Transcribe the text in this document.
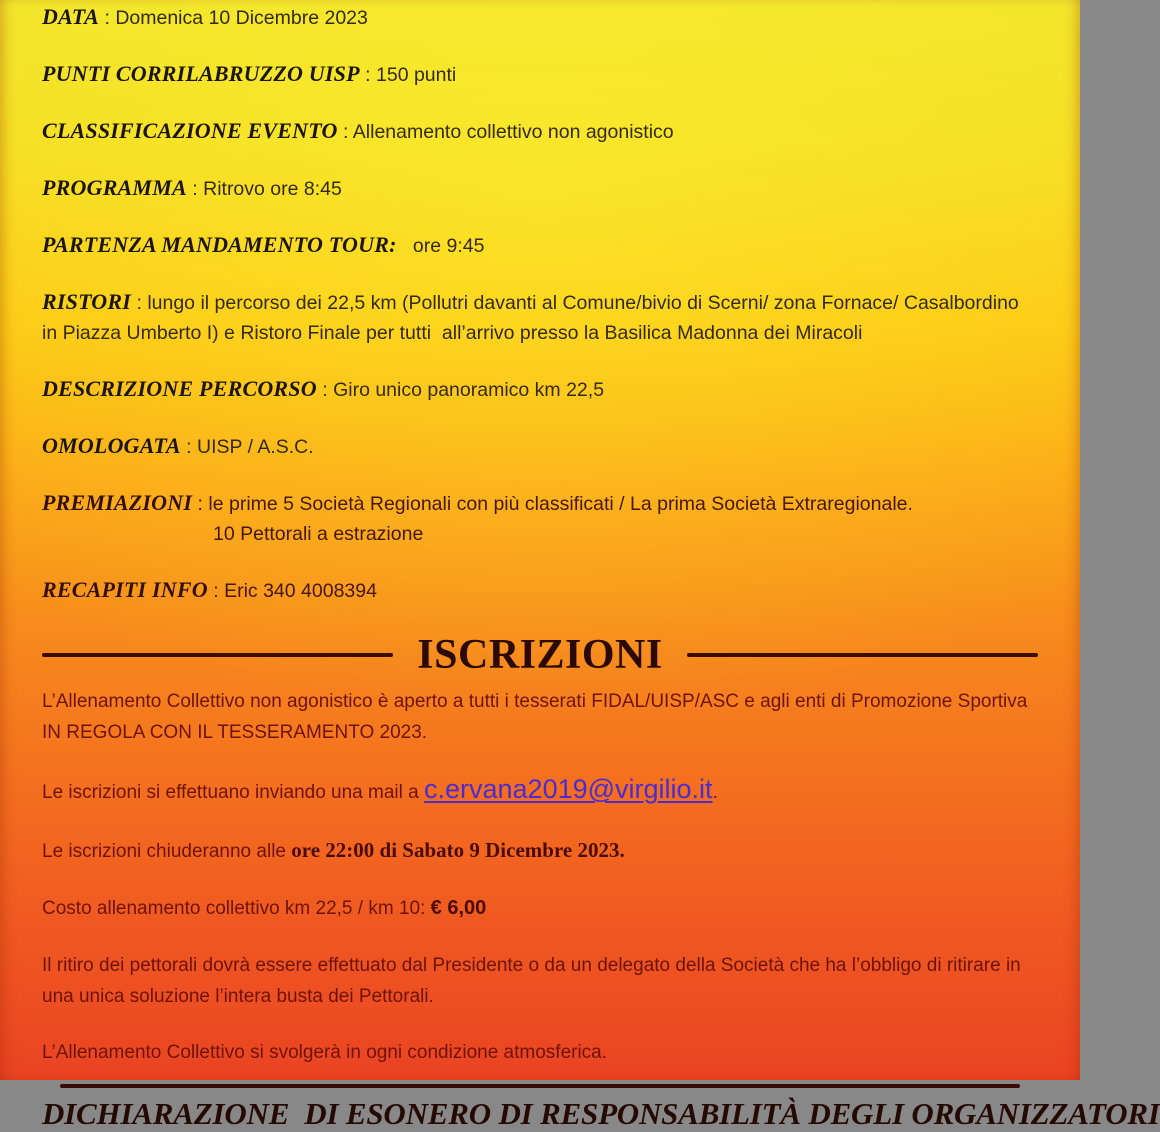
DATA : Domenica 10 Dicembre 2023
PUNTI CORRILABRUZZO UISP : 150 punti
CLASSIFICAZIONE EVENTO : Allenamento collettivo non agonistico
PROGRAMMA : Ritrovo ore 8:45
PARTENZA MANDAMENTO TOUR: ore 9:45
RISTORI : lungo il percorso dei 22,5 km (Pollutri davanti al Comune/bivio di Scerni/ zona Fornace/ Casalbordino
in Piazza Umberto I) e Ristoro Finale per tutti  all’arrivo presso la Basilica Madonna dei Miracoli
DESCRIZIONE PERCORSO : Giro unico panoramico km 22,5
OMOLOGATA : UISP / A.S.C.
PREMIAZIONI : le prime 5 Società Regionali con più classificati / La prima Società Extraregionale.
10 Pettorali a estrazione
RECAPITI INFO : Eric 340 4008394
ISCRIZIONI
L’Allenamento Collettivo non agonistico è aperto a tutti i tesserati FIDAL/UISP/ASC e agli enti di Promozione Sportiva
IN REGOLA CON IL TESSERAMENTO 2023.
Le iscrizioni si effettuano inviando una mail a c.ervana2019@virgilio.it.
Le iscrizioni chiuderanno alle ore 22:00 di Sabato 9 Dicembre 2023.
Costo allenamento collettivo km 22,5 / km 10: € 6,00
Il ritiro dei pettorali dovrà essere effettuato dal Presidente o da un delegato della Società che ha l’obbligo di ritirare in
una unica soluzione l’intera busta dei Pettorali.
L’Allenamento Collettivo si svolgerà in ogni condizione atmosferica.
DICHIARAZIONE  DI ESONERO DI RESPONSABILITÀ DEGLI ORGANIZZATORI
